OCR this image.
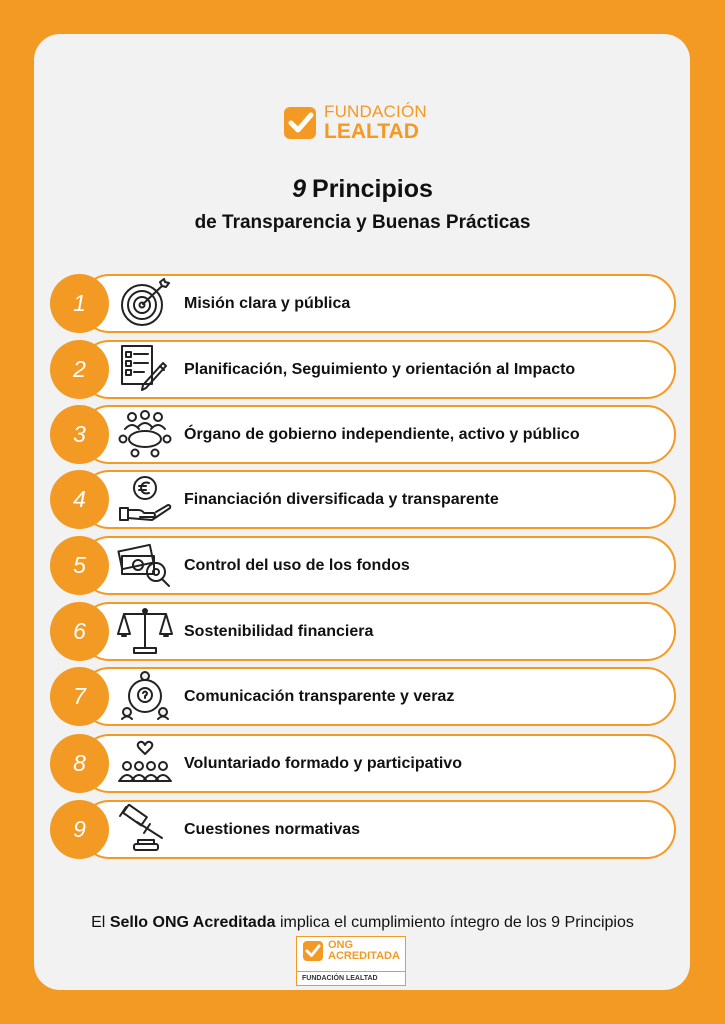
FUNDACIÓN
LEALTAD
9 Principios
de Transparencia y Buenas Prácticas
1	Misión clara y pública
2	Planificación, Seguimiento y orientación al Impacto
3	Órgano de gobierno independiente, activo y público
4	Financiación diversificada y transparente
5	Control del uso de los fondos
6	Sostenibilidad financiera
7	Comunicación transparente y veraz
8	Voluntariado formado y participativo
9	Cuestiones normativas
El Sello ONG Acreditada implica el cumplimiento íntegro de los 9 Principios
ONG
ACREDITADA
FUNDACIÓN LEALTAD
